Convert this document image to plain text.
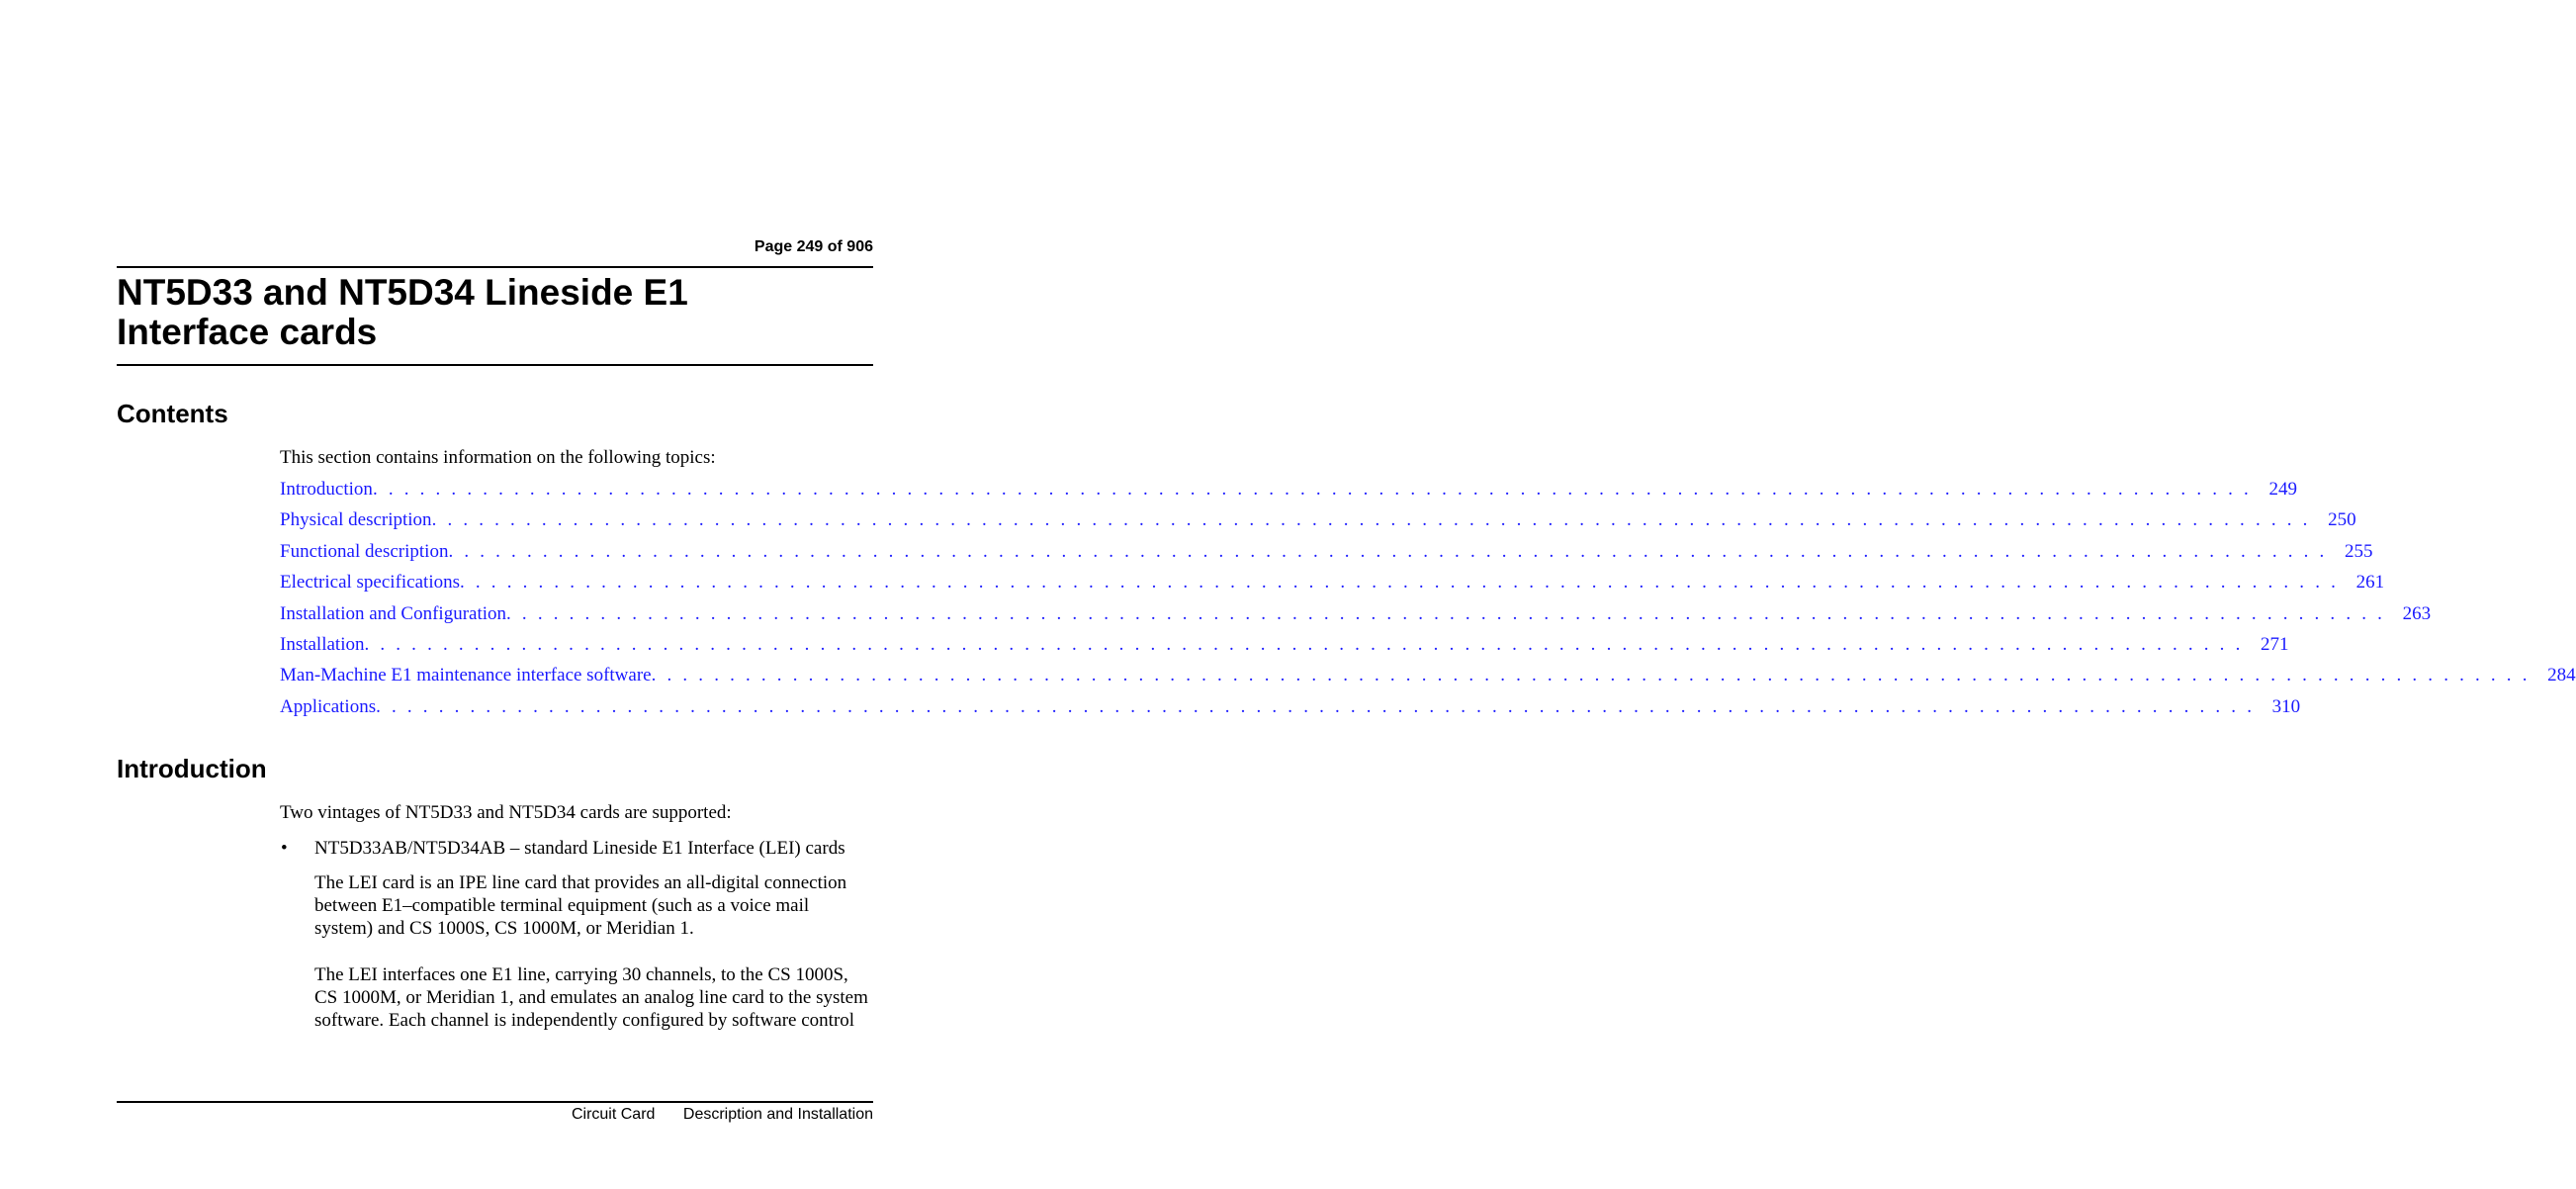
Page 249 of 906
NT5D33 and NT5D34 Lineside E1
Interface cards
Contents

This section contains information on the following topics:

Introduction . . . . . . . . . . . . . . . . . . . . . . . . . . . . . . . . . . . . . . . . . . . . . . . . . . . . . . . . . . . . . . . . . . . . . . . . . . . . . . . . . . . . . . . . . . . . . . . . . . . . . . . . . . . . . . . . . . . . . . . . 249
Physical description . . . . . . . . . . . . . . . . . . . . . . . . . . . . . . . . . . . . . . . . . . . . . . . . . . . . . . . . . . . . . . . . . . . . . . . . . . . . . . . . . . . . . . . . . . . . . . . . . . . . . . . . . . . . . . . . . . . . . . . . 250
Functional description . . . . . . . . . . . . . . . . . . . . . . . . . . . . . . . . . . . . . . . . . . . . . . . . . . . . . . . . . . . . . . . . . . . . . . . . . . . . . . . . . . . . . . . . . . . . . . . . . . . . . . . . . . . . . . . . . . . . . . . . 255
Electrical specifications . . . . . . . . . . . . . . . . . . . . . . . . . . . . . . . . . . . . . . . . . . . . . . . . . . . . . . . . . . . . . . . . . . . . . . . . . . . . . . . . . . . . . . . . . . . . . . . . . . . . . . . . . . . . . . . . . . . . . . . . 261
Installation and Configuration . . . . . . . . . . . . . . . . . . . . . . . . . . . . . . . . . . . . . . . . . . . . . . . . . . . . . . . . . . . . . . . . . . . . . . . . . . . . . . . . . . . . . . . . . . . . . . . . . . . . . . . . . . . . . . . . . . . . . . . . 263
Installation . . . . . . . . . . . . . . . . . . . . . . . . . . . . . . . . . . . . . . . . . . . . . . . . . . . . . . . . . . . . . . . . . . . . . . . . . . . . . . . . . . . . . . . . . . . . . . . . . . . . . . . . . . . . . . . . . . . . . . . . 271
Man-Machine E1 maintenance interface software . . . . . . . . . . . . . . . . . . . . . . . . . . . . . . . . . . . . . . . . . . . . . . . . . . . . . . . . . . . . . . . . . . . . . . . . . . . . . . . . . . . . . . . . . . . . . . . . . . . . . . . . . . . . . . . . . . . . . . . . 284
Applications . . . . . . . . . . . . . . . . . . . . . . . . . . . . . . . . . . . . . . . . . . . . . . . . . . . . . . . . . . . . . . . . . . . . . . . . . . . . . . . . . . . . . . . . . . . . . . . . . . . . . . . . . . . . . . . . . . . . . . . . 310
Introduction

Two vintages of NT5D33 and NT5D34 cards are supported:

• NT5D33AB/NT5D34AB – standard Lineside E1 Interface (LEI) cards

The LEI card is an IPE line card that provides an all-digital connection
between E1–compatible terminal equipment (such as a voice mail
system) and CS 1000S, CS 1000M, or Meridian 1.

The LEI interfaces one E1 line, carrying 30 channels, to the CS 1000S,
CS 1000M, or Meridian 1, and emulates an analog line card to the system
software. Each channel is independently configured by software control

Circuit Card Description and Installation
